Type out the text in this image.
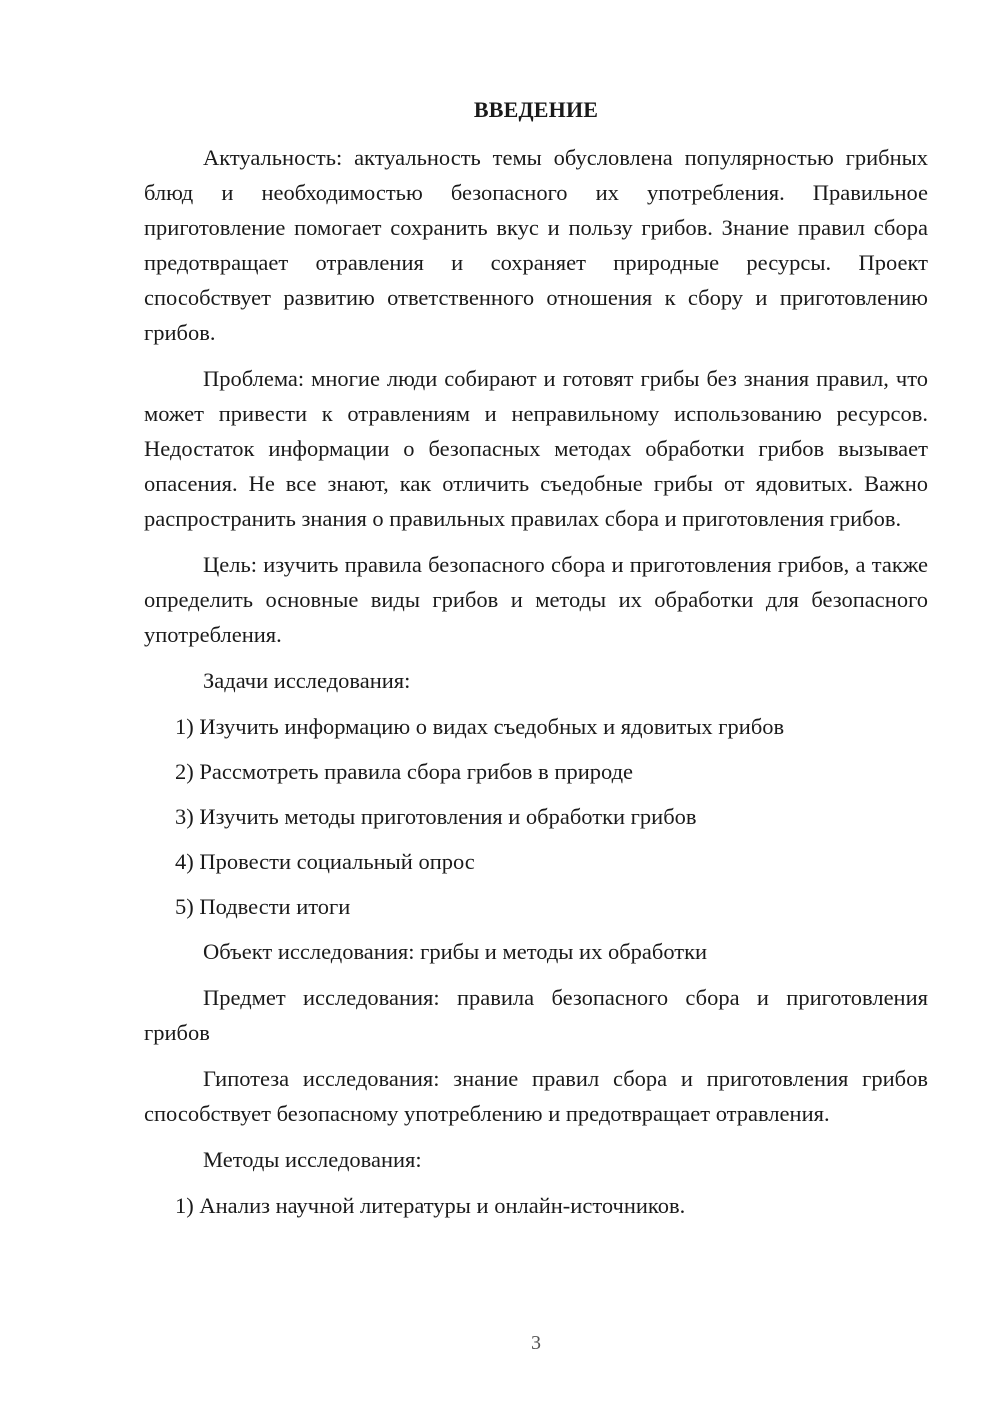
ВВЕДЕНИЕ
Актуальность: актуальность темы обусловлена популярностью грибных блюд и необходимостью безопасного их употребления. Правильное приготовление помогает сохранить вкус и пользу грибов. Знание правил сбора предотвращает отравления и сохраняет природные ресурсы. Проект способствует развитию ответственного отношения к сбору и приготовлению грибов.
Проблема: многие люди собирают и готовят грибы без знания правил, что может привести к отравлениям и неправильному использованию ресурсов. Недостаток информации о безопасных методах обработки грибов вызывает опасения. Не все знают, как отличить съедобные грибы от ядовитых. Важно распространить знания о правильных правилах сбора и приготовления грибов.
Цель: изучить правила безопасного сбора и приготовления грибов, а также определить основные виды грибов и методы их обработки для безопасного употребления.
Задачи исследования:
1) Изучить информацию о видах съедобных и ядовитых грибов
2) Рассмотреть правила сбора грибов в природе
3) Изучить методы приготовления и обработки грибов
4) Провести социальный опрос
5) Подвести итоги
Объект исследования: грибы и методы их обработки
Предмет исследования: правила безопасного сбора и приготовления грибов
Гипотеза исследования: знание правил сбора и приготовления грибов способствует безопасному употреблению и предотвращает отравления.
Методы исследования:
1) Анализ научной литературы и онлайн-источников.
3
